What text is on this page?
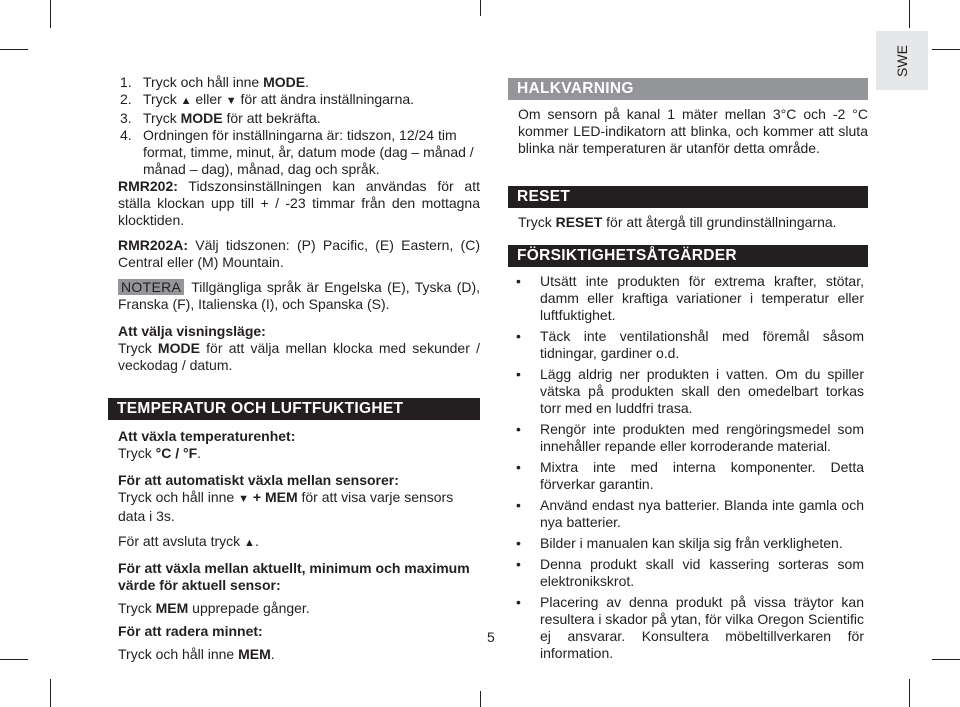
SWE
1. Tryck och håll inne MODE.
2. Tryck ▲ eller ▼ för att ändra inställningarna.
3. Tryck MODE för att bekräfta.
4. Ordningen för inställningarna är: tidszon, 12/24 tim format, timme, minut, år, datum mode (dag – månad / månad – dag), månad, dag och språk.

RMR202: Tidszonsinställningen kan användas för att ställa klockan upp till + / -23 timmar från den mottagna klocktiden.

RMR202A: Välj tidszonen: (P) Pacific, (E) Eastern, (C) Central eller (M) Mountain.

NOTERA Tillgängliga språk är Engelska (E), Tyska (D), Franska (F), Italienska (I), och Spanska (S).

Att välja visningsläge:

Tryck MODE för att välja mellan klocka med sekunder / veckodag / datum.

TEMPERATUR OCH LUFTFUKTIGHET

Att växla temperaturenhet:

Tryck °C / °F.

För att automatiskt växla mellan sensorer:

Tryck och håll inne ▼ + MEM för att visa varje sensors data i 3s.

För att avsluta tryck ▲.

För att växla mellan aktuellt, minimum och maximum värde för aktuell sensor:

Tryck MEM upprepade gånger.

För att radera minnet:

Tryck och håll inne MEM.

5
HALKVARNING

Om sensorn på kanal 1 mäter mellan 3°C och -2 °C kommer LED-indikatorn att blinka, och kommer att sluta blinka när temperaturen är utanför detta område.

RESET

Tryck RESET för att återgå till grundinställningarna.

FÖRSIKTIGHETSÅTGÄRDER
• Utsätt inte produkten för extrema krafter, stötar, damm eller kraftiga variationer i temperatur eller luftfuktighet.
• Täck inte ventilationshål med föremål såsom tidningar, gardiner o.d.
• Lägg aldrig ner produkten i vatten. Om du spiller vätska på produkten skall den omedelbart torkas torr med en luddfri trasa.
• Rengör inte produkten med rengöringsmedel som innehåller repande eller korroderande material.
• Mixtra inte med interna komponenter. Detta förverkar garantin.
• Använd endast nya batterier. Blanda inte gamla och nya batterier.
• Bilder i manualen kan skilja sig från verkligheten.
• Denna produkt skall vid kassering sorteras som elektronikskrot.
• Placering av denna produkt på vissa träytor kan resultera i skador på ytan, för vilka Oregon Scientific ej ansvarar. Konsultera möbeltillverkaren för information.
